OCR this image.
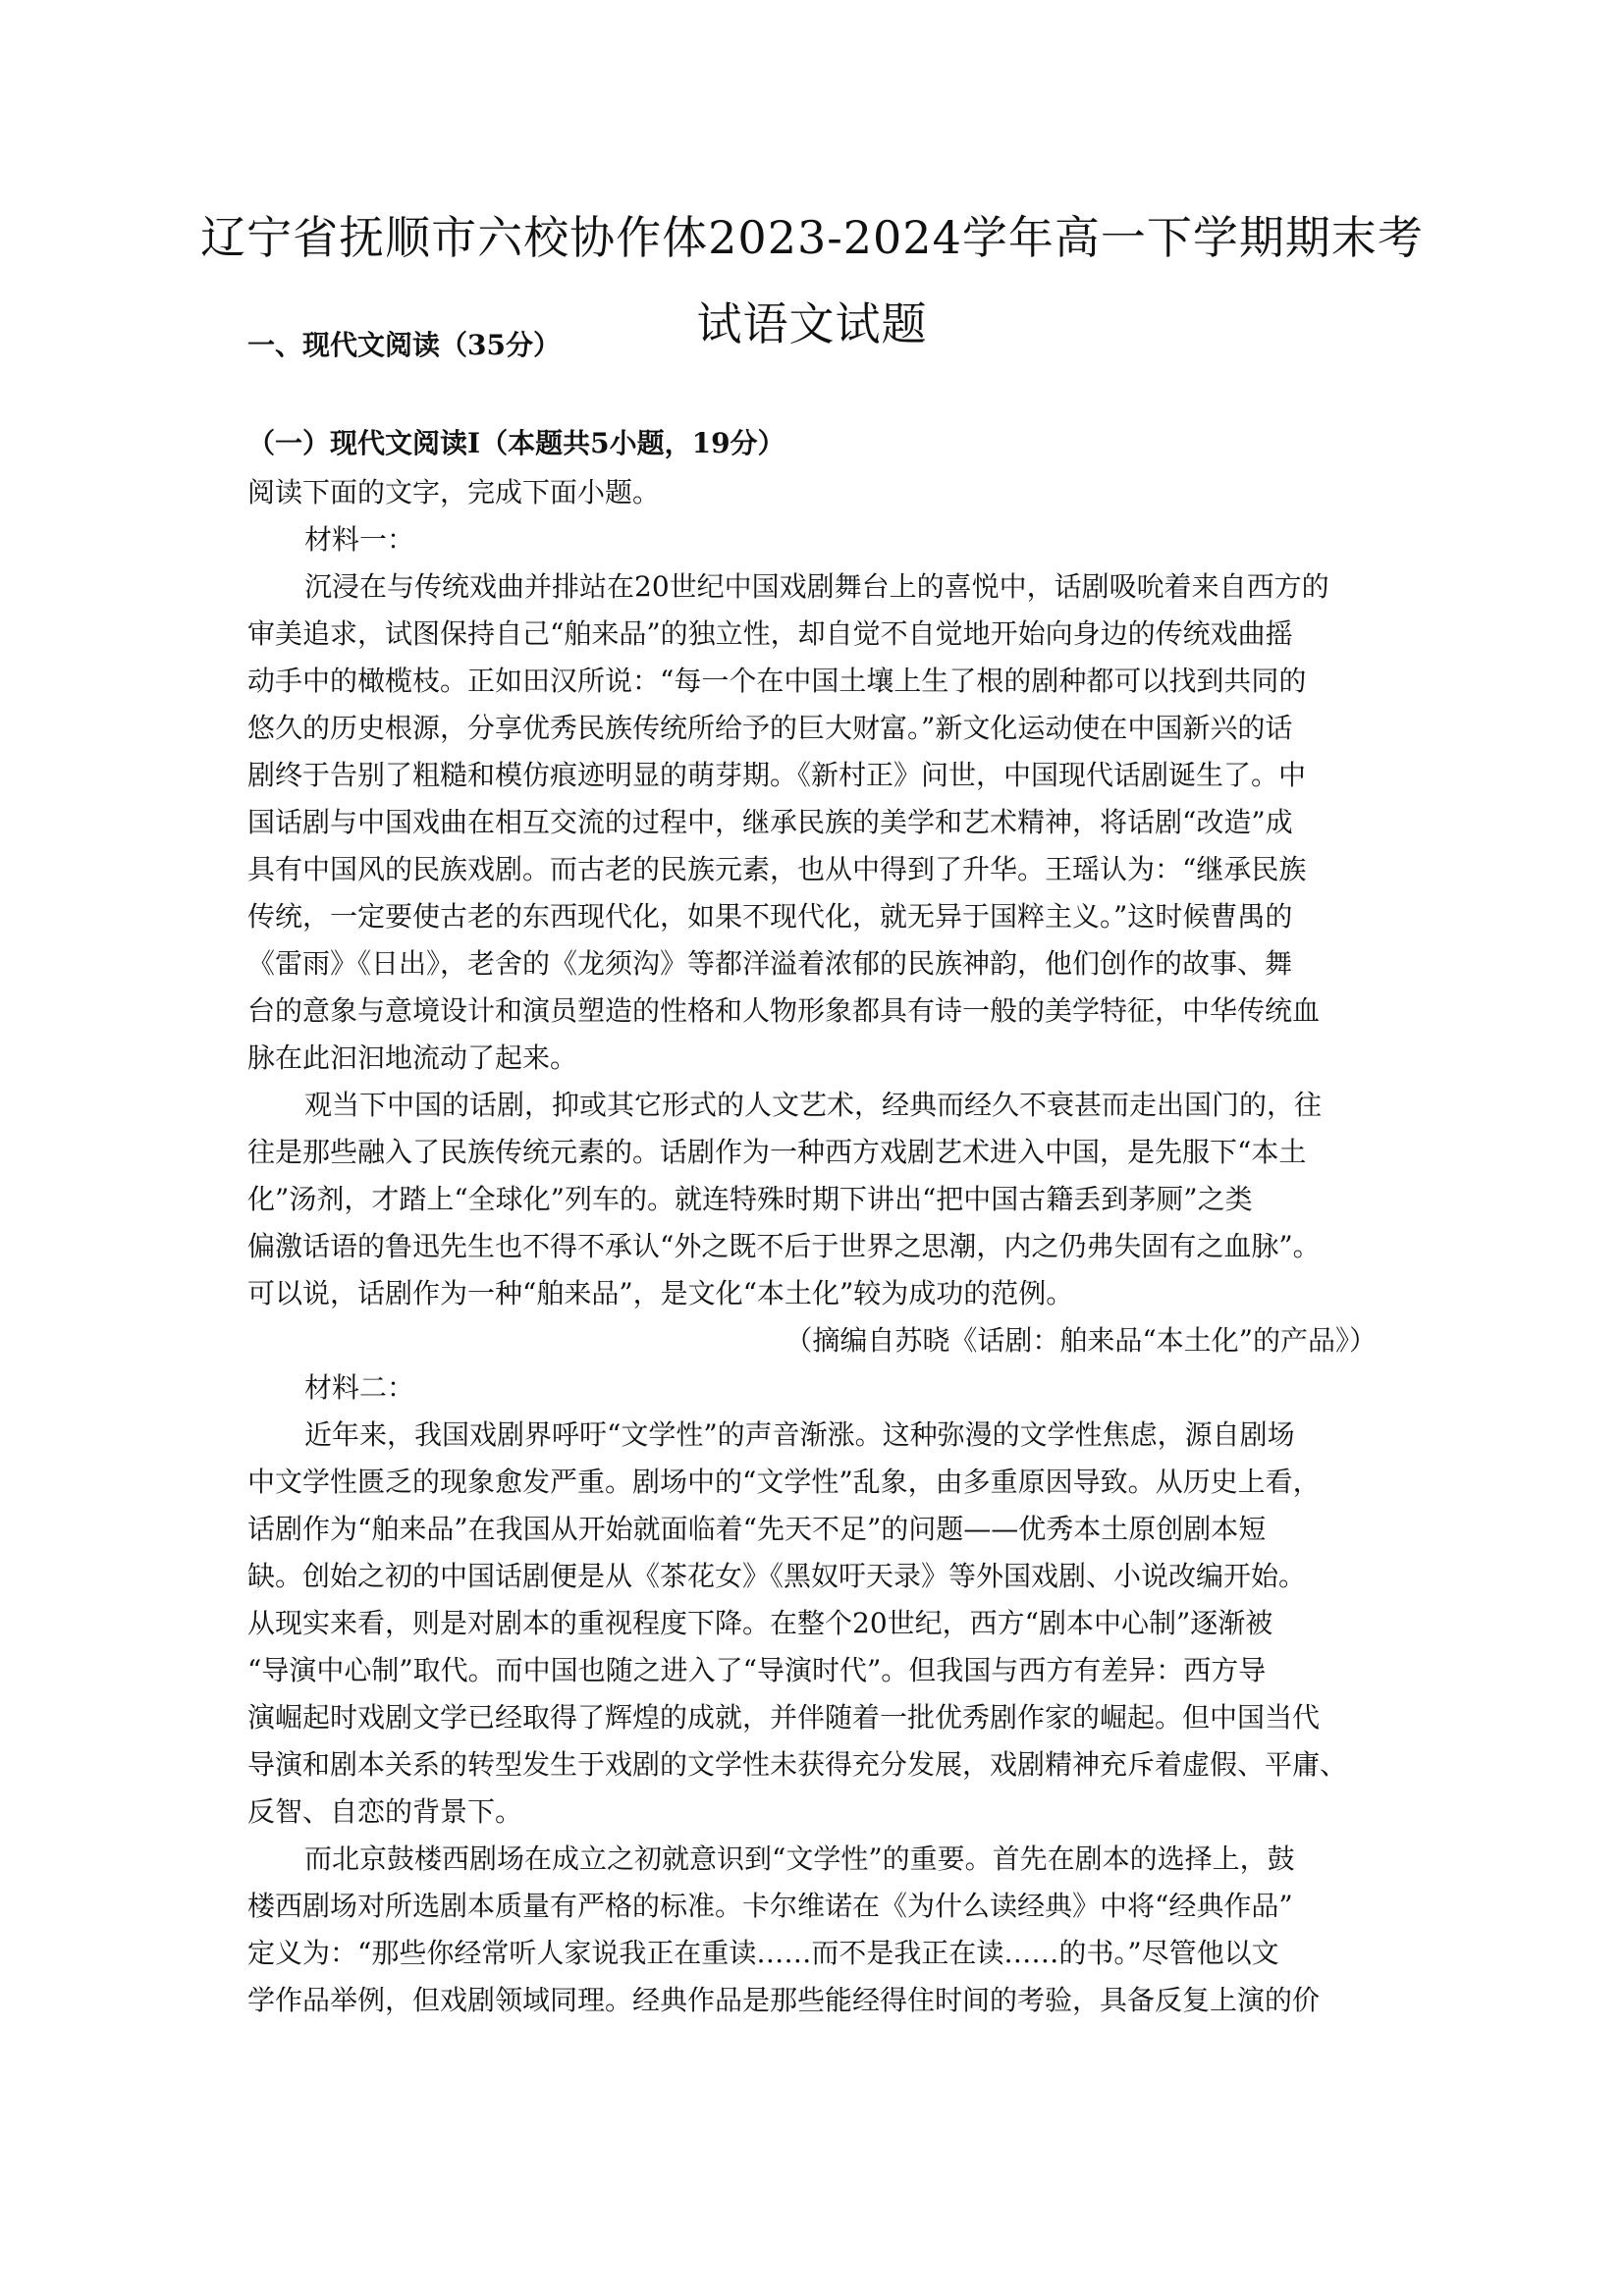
辽宁省抚顺市六校协作体2023-2024学年高一下学期期末考
试语文试题
一、现代文阅读（35分）
（一）现代文阅读Ⅰ（本题共5小题，19分）
阅读下面的文字，完成下面小题。
材料一：
沉浸在与传统戏曲并排站在20世纪中国戏剧舞台上的喜悦中，话剧吸吮着来自西方的
审美追求，试图保持自己“舶来品”的独立性，却自觉不自觉地开始向身边的传统戏曲摇
动手中的橄榄枝。正如田汉所说：“每一个在中国土壤上生了根的剧种都可以找到共同的
悠久的历史根源，分享优秀民族传统所给予的巨大财富。”新文化运动使在中国新兴的话
剧终于告别了粗糙和模仿痕迹明显的萌芽期。《新村正》问世，中国现代话剧诞生了。中
国话剧与中国戏曲在相互交流的过程中，继承民族的美学和艺术精神，将话剧“改造”成
具有中国风的民族戏剧。而古老的民族元素，也从中得到了升华。王瑶认为：“继承民族
传统，一定要使古老的东西现代化，如果不现代化，就无异于国粹主义。”这时候曹禺的
《雷雨》《日出》，老舍的《龙须沟》等都洋溢着浓郁的民族神韵，他们创作的故事、舞
台的意象与意境设计和演员塑造的性格和人物形象都具有诗一般的美学特征，中华传统血
脉在此汩汩地流动了起来。
观当下中国的话剧，抑或其它形式的人文艺术，经典而经久不衰甚而走出国门的，往
往是那些融入了民族传统元素的。话剧作为一种西方戏剧艺术进入中国，是先服下“本土
化”汤剂，才踏上“全球化”列车的。就连特殊时期下讲出“把中国古籍丢到茅厕”之类
偏激话语的鲁迅先生也不得不承认“外之既不后于世界之思潮，内之仍弗失固有之血脉”。
可以说，话剧作为一种“舶来品”，是文化“本土化”较为成功的范例。
（摘编自苏晓《话剧：舶来品“本土化”的产品》）
材料二：
近年来，我国戏剧界呼吁“文学性”的声音渐涨。这种弥漫的文学性焦虑，源自剧场
中文学性匮乏的现象愈发严重。剧场中的“文学性”乱象，由多重原因导致。从历史上看，
话剧作为“舶来品”在我国从开始就面临着“先天不足”的问题——优秀本土原创剧本短
缺。创始之初的中国话剧便是从《茶花女》《黑奴吁天录》等外国戏剧、小说改编开始。
从现实来看，则是对剧本的重视程度下降。在整个20世纪，西方“剧本中心制”逐渐被
“导演中心制”取代。而中国也随之进入了“导演时代”。但我国与西方有差异：西方导
演崛起时戏剧文学已经取得了辉煌的成就，并伴随着一批优秀剧作家的崛起。但中国当代
导演和剧本关系的转型发生于戏剧的文学性未获得充分发展，戏剧精神充斥着虚假、平庸、
反智、自恋的背景下。
而北京鼓楼西剧场在成立之初就意识到“文学性”的重要。首先在剧本的选择上，鼓
楼西剧场对所选剧本质量有严格的标准。卡尔维诺在《为什么读经典》中将“经典作品”
定义为：“那些你经常听人家说我正在重读……而不是我正在读……的书。”尽管他以文
学作品举例，但戏剧领域同理。经典作品是那些能经得住时间的考验，具备反复上演的价
